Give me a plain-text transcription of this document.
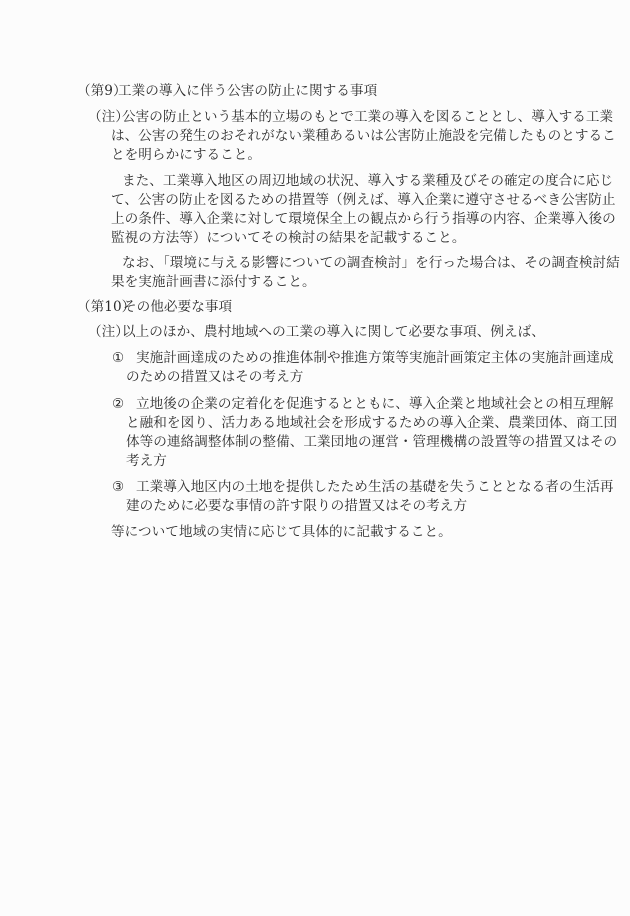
（第9）
工業の導入に伴う公害の防止に関する事項
（注）
公害の防止という基本的立場のもとで工業の導入を図ることとし、導入する工業
は、公害の発生のおそれがない業種あるいは公害防止施設を完備したものとするこ
とを明らかにすること。
また、工業導入地区の周辺地域の状況、導入する業種及びその確定の度合に応じ
て、公害の防止を図るための措置等（例えば、導入企業に遵守させるべき公害防止
上の条件、導入企業に対して環境保全上の観点から行う指導の内容、企業導入後の
監視の方法等）についてその検討の結果を記載すること。
なお、「環境に与える影響についての調査検討」を行った場合は、その調査検討結
果を実施計画書に添付すること。
（第10）
その他必要な事項
（注）
以上のほか、農村地域への工業の導入に関して必要な事項、例えば、
① 実施計画達成のための推進体制や推進方策等実施計画策定主体の実施計画達成
のための措置又はその考え方
② 立地後の企業の定着化を促進するとともに、導入企業と地域社会との相互理解
と融和を図り、活力ある地域社会を形成するための導入企業、農業団体、商工団
体等の連絡調整体制の整備、工業団地の運営・管理機構の設置等の措置又はその
考え方
③ 工業導入地区内の土地を提供したため生活の基礎を失うこととなる者の生活再
建のために必要な事情の許す限りの措置又はその考え方
等について地域の実情に応じて具体的に記載すること。
